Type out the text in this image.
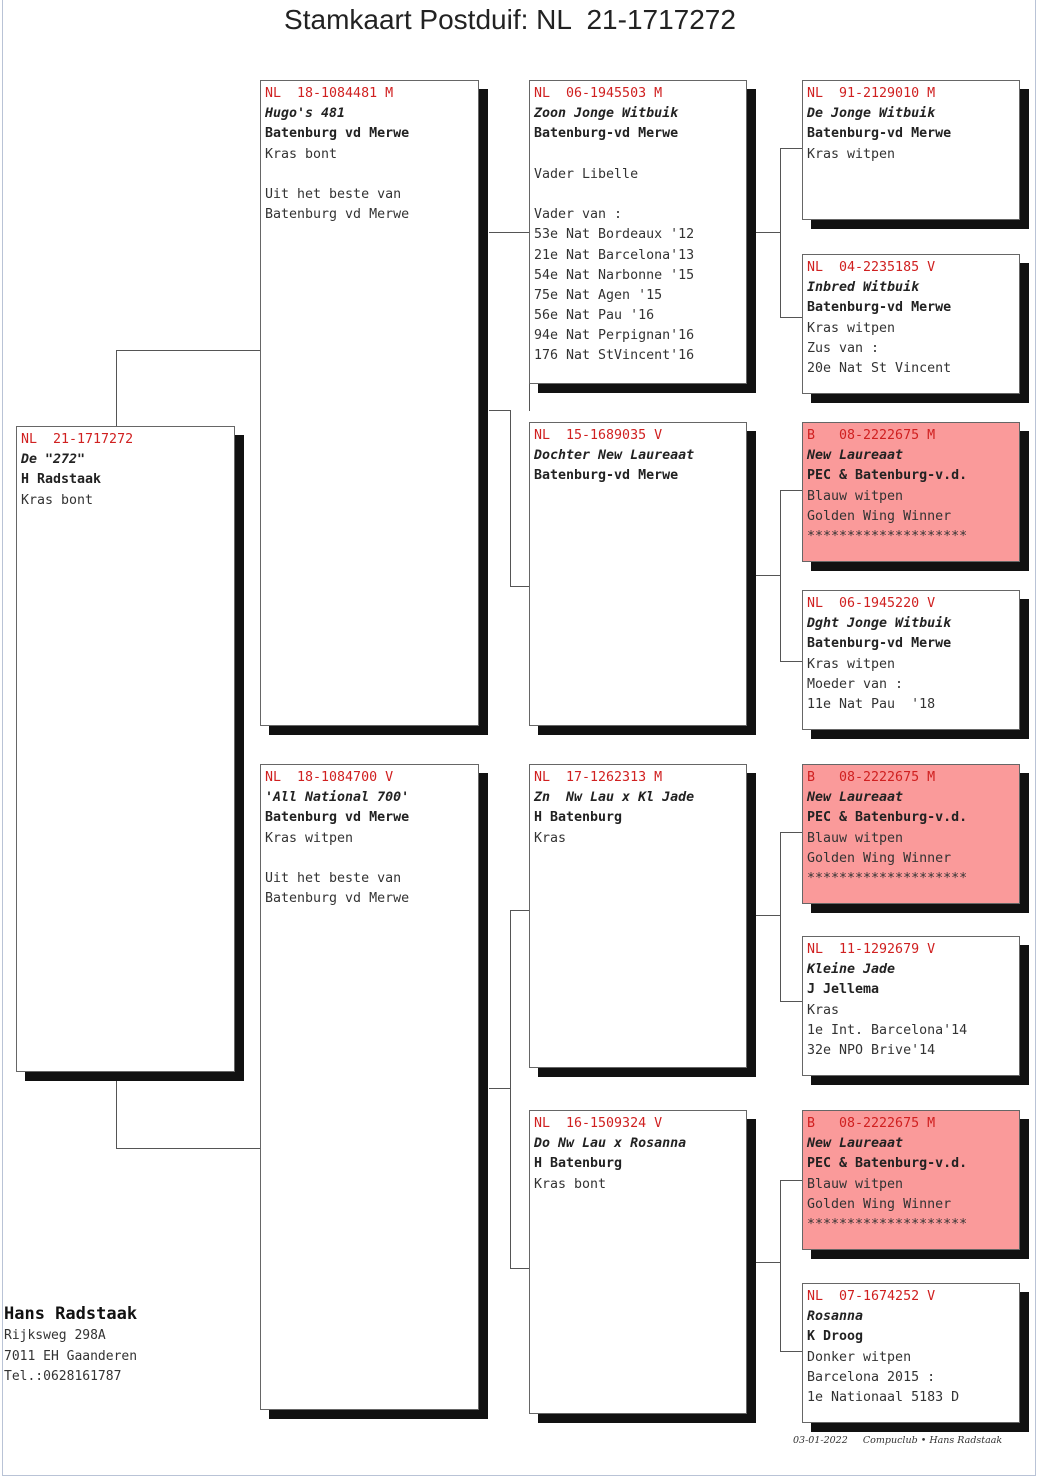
Stamkaart Postduif: NL  21-1717272
NL  21-1717272
De "272"
H Radstaak
Kras bont
NL  18-1084481 M
Hugo's 481
Batenburg vd Merwe
Kras bont
Uit het beste van
Batenburg vd Merwe
NL  18-1084700 V
'All National 700'
Batenburg vd Merwe
Kras witpen
Uit het beste van
Batenburg vd Merwe
NL  06-1945503 M
Zoon Jonge Witbuik
Batenburg-vd Merwe
Vader Libelle
Vader van :
53e Nat Bordeaux '12
21e Nat Barcelona'13
54e Nat Narbonne '15
75e Nat Agen '15
56e Nat Pau '16
94e Nat Perpignan'16
176 Nat StVincent'16
NL  15-1689035 V
Dochter New Laureaat
Batenburg-vd Merwe
NL  17-1262313 M
Zn  Nw Lau x Kl Jade
H Batenburg
Kras
NL  16-1509324 V
Do Nw Lau x Rosanna
H Batenburg
Kras bont
NL  91-2129010 M
De Jonge Witbuik
Batenburg-vd Merwe
Kras witpen
NL  04-2235185 V
Inbred Witbuik
Batenburg-vd Merwe
Kras witpen
Zus van :
20e Nat St Vincent
B   08-2222675 M
New Laureaat
PEC & Batenburg-v.d.
Blauw witpen
Golden Wing Winner
********************
NL  06-1945220 V
Dght Jonge Witbuik
Batenburg-vd Merwe
Kras witpen
Moeder van :
11e Nat Pau  '18
B   08-2222675 M
New Laureaat
PEC & Batenburg-v.d.
Blauw witpen
Golden Wing Winner
********************
NL  11-1292679 V
Kleine Jade
J Jellema
Kras
1e Int. Barcelona'14
32e NPO Brive'14
B   08-2222675 M
New Laureaat
PEC & Batenburg-v.d.
Blauw witpen
Golden Wing Winner
********************
NL  07-1674252 V
Rosanna
K Droog
Donker witpen
Barcelona 2015 :
1e Nationaal 5183 D
Hans Radstaak
Rijksweg 298A
7011 EH Gaanderen
Tel.:0628161787
03-01-2022 Compuclub • Hans Radstaak
